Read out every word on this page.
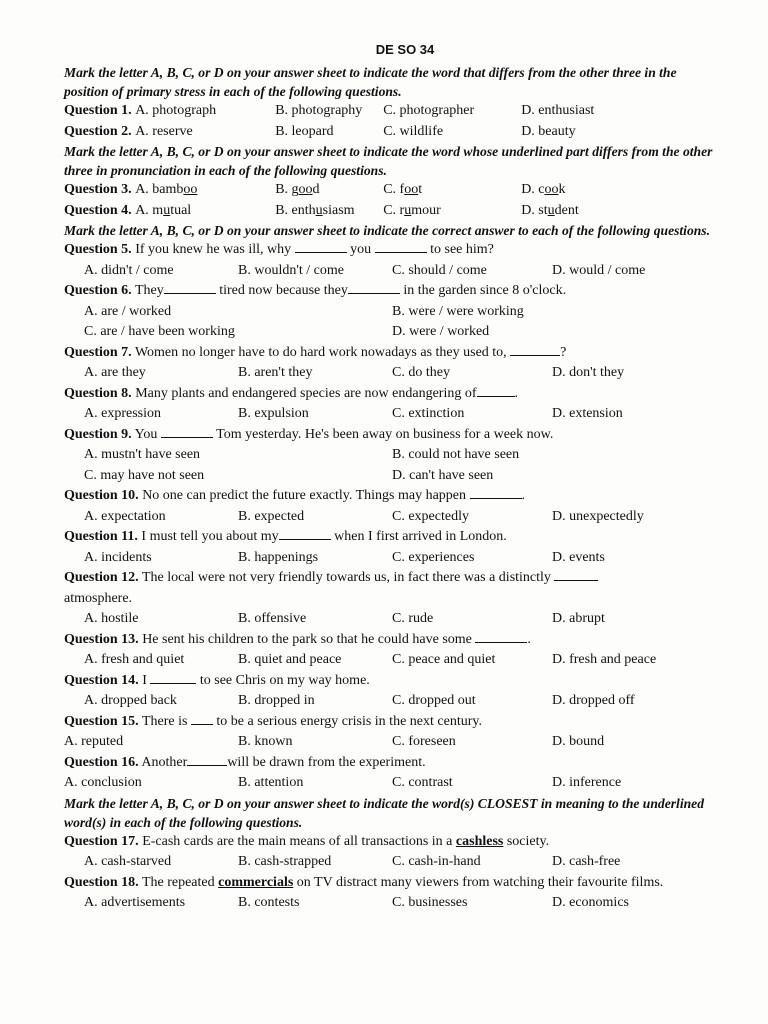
DE SO 34

Mark the letter A, B, C, or D on your answer sheet to indicate the word that differs from the other three in the position of primary stress in each of the following questions.

Question 1. A. photograph	B. photography C. photographer	D. enthusiast
Question 2. A. reserve	B. leopard	C. wildlife	D. beauty

Mark the letter A, B, C, or D on your answer sheet to indicate the word whose underlined part differs from the other three in pronunciation in each of the following questions.

Question 3. A. bamboo	B. good	C. foot	D. cook
Question 4. A. mutual	B. enthusiasm C. rumour	D. student

Mark the letter A, B, C, or D on your answer sheet to indicate the correct answer to each of the following questions.

Question 5. If you knew he was ill, why	you	to see him?
A. didn't / come	B. wouldn't / come	C. should / come	D. would / come
Question 6. They	tired now because they	in the garden since 8 o'clock.
A. are / worked	B. were / were working
C. are / have been working	D. were / worked
Question 7. Women no longer have to do hard work nowadays as they used to,	?
A. are they	B. aren't they	C. do they	D. don't they
Question 8. Many plants and endangered species are now endangering of	.
A. expression	B. expulsion	C. extinction	D. extension
Question 9. You	Tom yesterday. He's been away on business for a week now.
A. mustn't have seen	B. could not have seen
C. may have not seen	D. can't have seen
Question 10. No one can predict the future exactly. Things may happen	.
A. expectation	B. expected	C. expectedly	D. unexpectedly
Question 11. I must tell you about my	when I first arrived in London.
A. incidents	B. happenings	C. experiences	D. events
Question 12. The local were not very friendly towards us, in fact there was a distinctly
atmosphere.
A. hostile	B. offensive	C. rude	D. abrupt
Question 13. He sent his children to the park so that he could have some	.
A. fresh and quiet	B. quiet and peace	C. peace and quiet	D. fresh and peace
Question 14. I	to see Chris on my way home.
A. dropped back	B. dropped in	C. dropped out	D. dropped off
Question 15. There is to be a serious energy crisis in the next century.
A. reputed	B. known	C. foreseen	D. bound
Question 16. Another	will be drawn from the experiment.
A. conclusion	B. attention	C. contrast	D. inference

Mark the letter A, B, C, or D on your answer sheet to indicate the word(s) CLOSEST in meaning to the underlined word(s) in each of the following questions.

Question 17. E-cash cards are the main means of all transactions in a cashless society.
A. cash-starved	B. cash-strapped	C. cash-in-hand	D. cash-free
Question 18. The repeated commercials on TV distract many viewers from watching their favourite films.
A. advertisements	B. contests	C. businesses	D. economics
